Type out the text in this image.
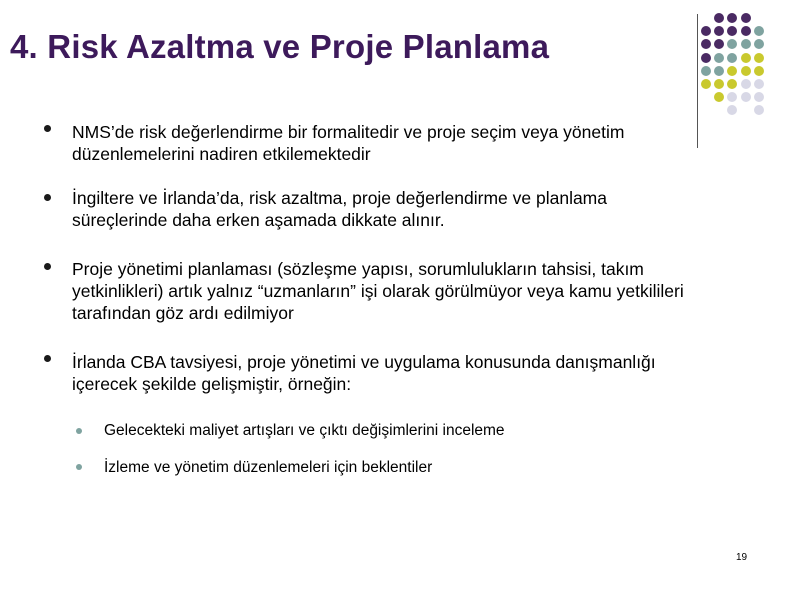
4. Risk Azaltma ve Proje Planlama
NMS’de risk değerlendirme bir formalitedir ve proje seçim veya yönetim düzenlemelerini nadiren etkilemektedir
İngiltere ve İrlanda’da, risk azaltma, proje değerlendirme ve planlama süreçlerinde daha erken aşamada dikkate alınır.
Proje yönetimi planlaması (sözleşme yapısı, sorumlulukların tahsisi, takım yetkinlikleri) artık yalnız “uzmanların” işi olarak görülmüyor veya kamu yetkilileri tarafından göz ardı edilmiyor
İrlanda CBA tavsiyesi, proje yönetimi ve uygulama konusunda danışmanlığı içerecek şekilde gelişmiştir, örneğin:
Gelecekteki maliyet artışları ve çıktı değişimlerini inceleme
İzleme ve yönetim düzenlemeleri için beklentiler
19
